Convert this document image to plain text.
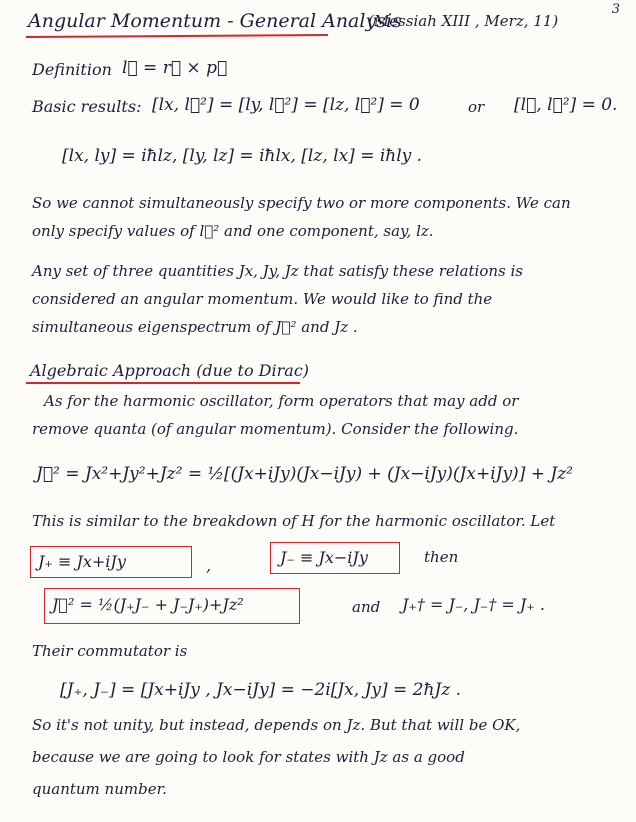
3
Angular Momentum - General Analysis
(Messiah XIII , Merz, 11)
Definition l⃗ = r⃗ × p⃗
Basic results: [lx, l⃗²] = [ly, l⃗²] = [lz, l⃗²] = 0	or [l⃗, l⃗²] = 0.
[lx, ly] = iħlz, [ly, lz] = iħlx, [lz, lx] = iħly .
So we cannot simultaneously specify two or more components. We can
only specify values of l⃗² and one component, say, lz.
Any set of three quantities Jx, Jy, Jz that satisfy these relations is
considered an angular momentum. We would like to find the
simultaneous eigenspectrum of J⃗² and Jz .
Algebraic Approach (due to Dirac)
As for the harmonic oscillator, form operators that may add or
remove quanta (of angular momentum). Consider the following.
J⃗² = Jx²+Jy²+Jz² = ½[(Jx+iJy)(Jx−iJy) + (Jx−iJy)(Jx+iJy)] + Jz²
This is similar to the breakdown of H for the harmonic oscillator. Let
J₊ ≡ Jx+iJy	,	J₋ ≡ Jx−iJy	then
J⃗² = ½(J₊J₋ + J₋J₊)+Jz²	and J₊† = J₋, J₋† = J₊ .
Their commutator is
[J₊, J₋] = [Jx+iJy , Jx−iJy] = −2i[Jx, Jy] = 2ħJz .
So it's not unity, but instead, depends on Jz. But that will be OK,
because we are going to look for states with Jz as a good
quantum number.
